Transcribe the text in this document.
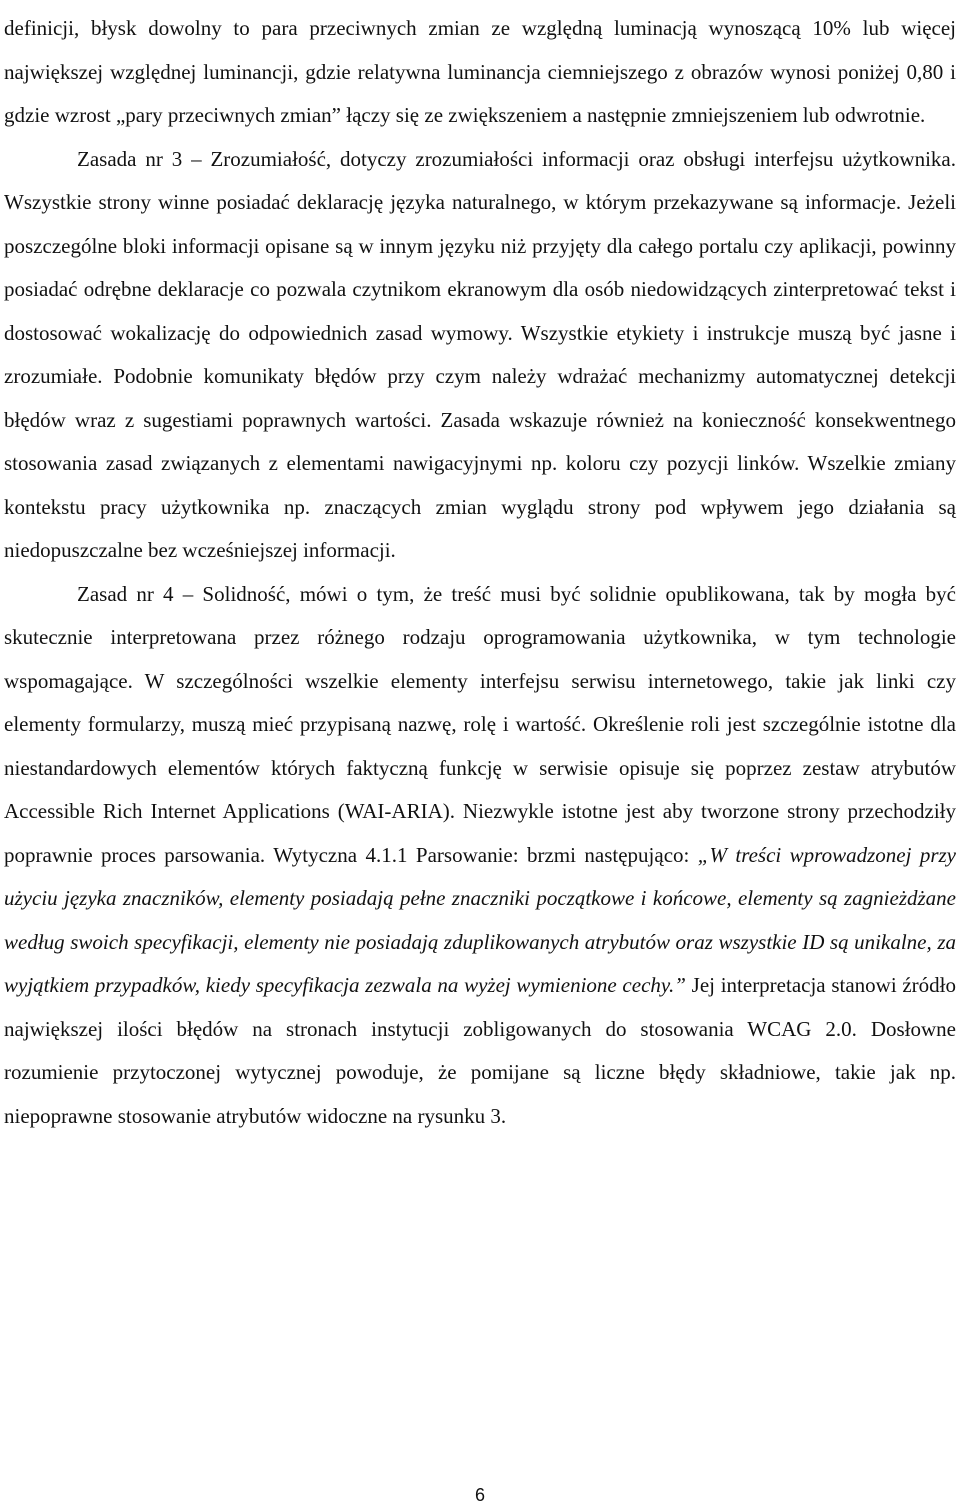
definicji, błysk dowolny to para przeciwnych zmian ze względną luminacją wynoszącą 10% lub więcej największej względnej luminancji, gdzie relatywna luminancja ciemniejszego z obrazów wynosi poniżej 0,80 i gdzie wzrost „pary przeciwnych zmian” łączy się ze zwiększeniem a następnie zmniejszeniem lub odwrotnie.

Zasada nr 3 – Zrozumiałość, dotyczy zrozumiałości informacji oraz obsługi interfejsu użytkownika. Wszystkie strony winne posiadać deklarację języka naturalnego, w którym przekazywane są informacje. Jeżeli poszczególne bloki informacji opisane są w innym języku niż przyjęty dla całego portalu czy aplikacji, powinny posiadać odrębne deklaracje co pozwala czytnikom ekranowym dla osób niedowidzących zinterpretować tekst i dostosować wokalizację do odpowiednich zasad wymowy. Wszystkie etykiety i instrukcje muszą być jasne i zrozumiałe. Podobnie komunikaty błędów przy czym należy wdrażać mechanizmy automatycznej detekcji błędów wraz z sugestiami poprawnych wartości. Zasada wskazuje również na konieczność konsekwentnego stosowania zasad związanych z elementami nawigacyjnymi np. koloru czy pozycji linków. Wszelkie zmiany kontekstu pracy użytkownika np. znaczących zmian wyglądu strony pod wpływem jego działania są niedopuszczalne bez wcześniejszej informacji.

Zasad nr 4 – Solidność, mówi o tym, że treść musi być solidnie opublikowana, tak by mogła być skutecznie interpretowana przez różnego rodzaju oprogramowania użytkownika, w tym technologie wspomagające. W szczególności wszelkie elementy interfejsu serwisu internetowego, takie jak linki czy elementy formularzy, muszą mieć przypisaną nazwę, rolę i wartość. Określenie roli jest szczególnie istotne dla niestandardowych elementów których faktyczną funkcję w serwisie opisuje się poprzez zestaw atrybutów Accessible Rich Internet Applications (WAI-ARIA). Niezwykle istotne jest aby tworzone strony przechodziły poprawnie proces parsowania. Wytyczna 4.1.1 Parsowanie: brzmi następująco: „W treści wprowadzonej przy użyciu języka znaczników, elementy posiadają pełne znaczniki początkowe i końcowe, elementy są zagnieżdżane według swoich specyfikacji, elementy nie posiadają zduplikowanych atrybutów oraz wszystkie ID są unikalne, za wyjątkiem przypadków, kiedy specyfikacja zezwala na wyżej wymienione cechy.” Jej interpretacja stanowi źródło największej ilości błędów na stronach instytucji zobligowanych do stosowania WCAG 2.0. Dosłowne rozumienie przytoczonej wytycznej powoduje, że pomijane są liczne błędy składniowe, takie jak np. niepoprawne stosowanie atrybutów widoczne na rysunku 3.

6
